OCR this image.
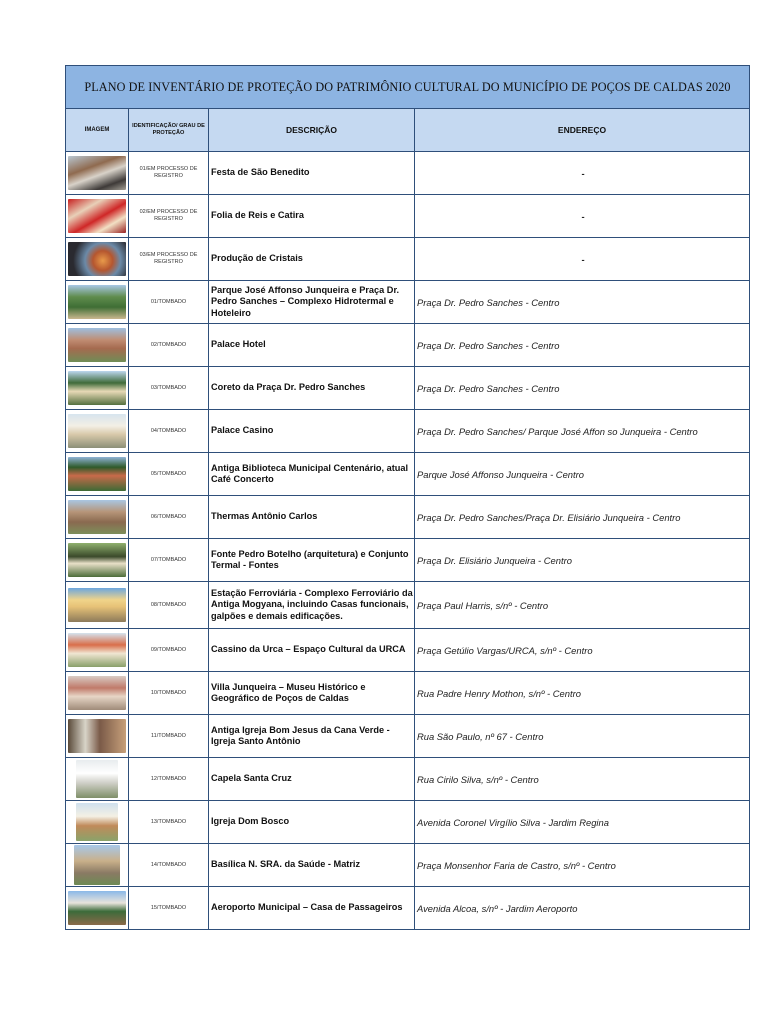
PLANO DE INVENTÁRIO DE PROTEÇÃO DO PATRIMÔNIO CULTURAL DO MUNICÍPIO DE POÇOS DE CALDAS 2020			
IMAGEM	IDENTIFICAÇÃO/ GRAU DE PROTEÇÃO	DESCRIÇÃO	ENDEREÇO
	01/EM PROCESSO DE REGISTRO	Festa de São Benedito	-
	02/EM PROCESSO DE REGISTRO	Folia de Reis e Catira	-
	03/EM PROCESSO DE REGISTRO	Produção de Cristais	-
	01/TOMBADO	Parque José Affonso Junqueira e Praça Dr. Pedro Sanches – Complexo Hidrotermal e Hoteleiro	Praça Dr. Pedro Sanches - Centro
	02/TOMBADO	Palace Hotel	Praça Dr. Pedro Sanches - Centro
	03/TOMBADO	Coreto da Praça Dr. Pedro Sanches	Praça Dr. Pedro Sanches - Centro
	04/TOMBADO	Palace Casino	Praça Dr. Pedro Sanches/ Parque José Affon so Junqueira - Centro
	05/TOMBADO	Antiga Biblioteca Municipal Centenário, atual Café Concerto	Parque José Affonso Junqueira - Centro
	06/TOMBADO	Thermas Antônio Carlos	Praça Dr. Pedro Sanches/Praça Dr. Elisiário Junqueira - Centro
	07/TOMBADO	Fonte Pedro Botelho (arquitetura) e Conjunto Termal - Fontes	Praça Dr. Elisiário Junqueira - Centro
	08/TOMBADO	Estação Ferroviária - Complexo Ferroviário da Antiga Mogyana, incluindo Casas funcionais, galpões e demais edificações.	Praça Paul Harris, s/nº - Centro
	09/TOMBADO	Cassino da Urca – Espaço Cultural da URCA	Praça Getúlio Vargas/URCA, s/nº - Centro
	10/TOMBADO	Villa Junqueira – Museu Histórico e Geográfico de Poços de Caldas	Rua Padre Henry Mothon, s/nº - Centro
	11/TOMBADO	Antiga Igreja Bom Jesus da Cana Verde - Igreja Santo Antônio	Rua São Paulo, nº 67 - Centro
	12/TOMBADO	Capela Santa Cruz	Rua Cirilo Silva, s/nº - Centro
	13/TOMBADO	Igreja Dom Bosco	Avenida Coronel Virgílio Silva - Jardim Regina
	14/TOMBADO	Basílica N. SRA. da Saúde - Matriz	Praça Monsenhor Faria de Castro, s/nº - Centro
	15/TOMBADO	Aeroporto Municipal – Casa de Passageiros	Avenida Alcoa, s/nº - Jardim Aeroporto
